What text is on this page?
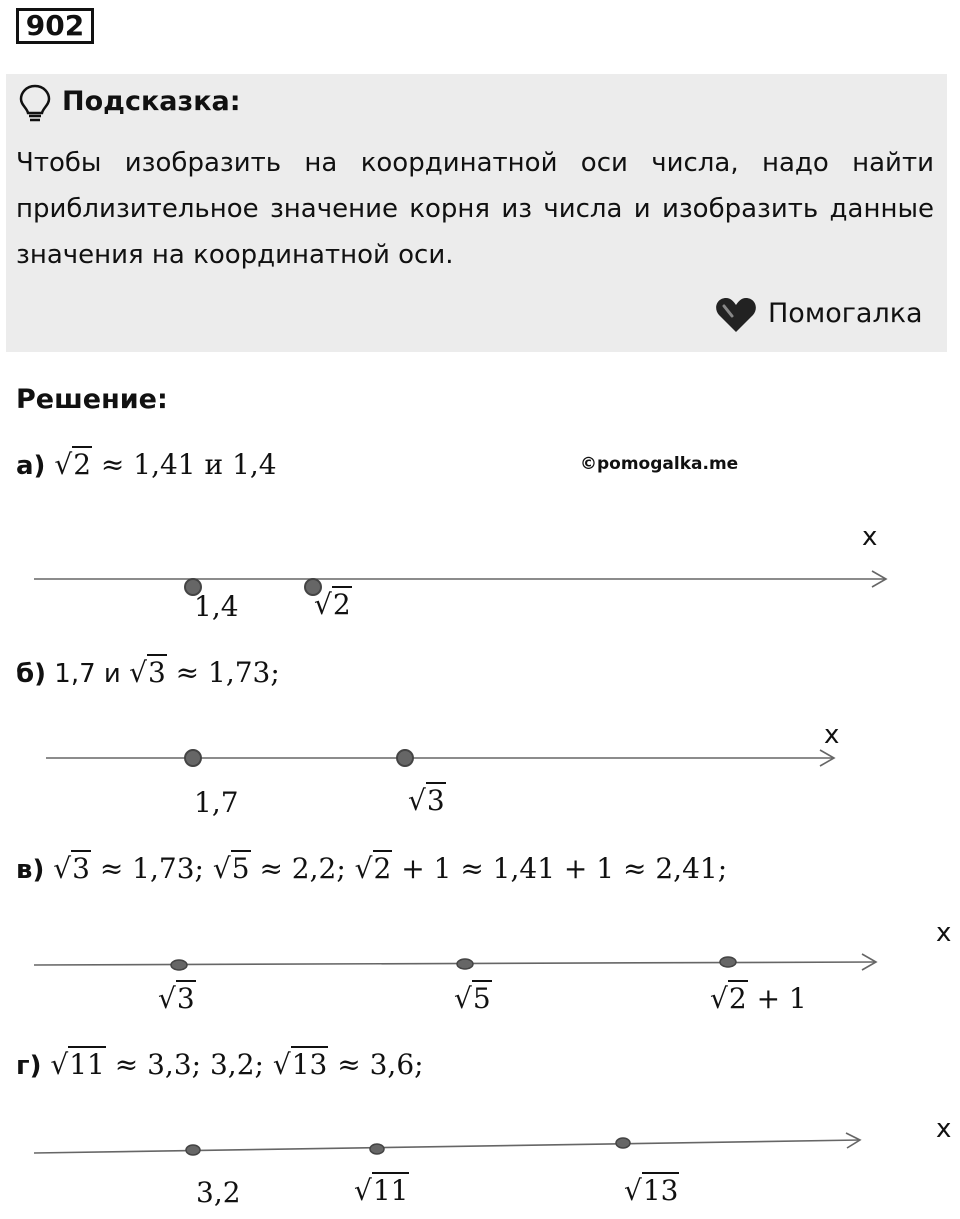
902
Подсказка:
Чтобы изобразить на координатной оси числа, надо найти приблизительное значение корня из числа и изобразить данные значения на координатной оси.
Помогалка
Решение:
©pomogalka.me
а) √2 ≈ 1,41 и 1,4
б) 1,7 и √3 ≈ 1,73;
в) √3 ≈ 1,73; √5 ≈ 2,2; √2 + 1 ≈ 1,41 + 1 ≈ 2,41;
г) √11 ≈ 3,3; 3,2; √13 ≈ 3,6;
x
x
x
x
1,4	√2
1,7	√3
√3	√5	√2 + 1
3,2	√11	√13
